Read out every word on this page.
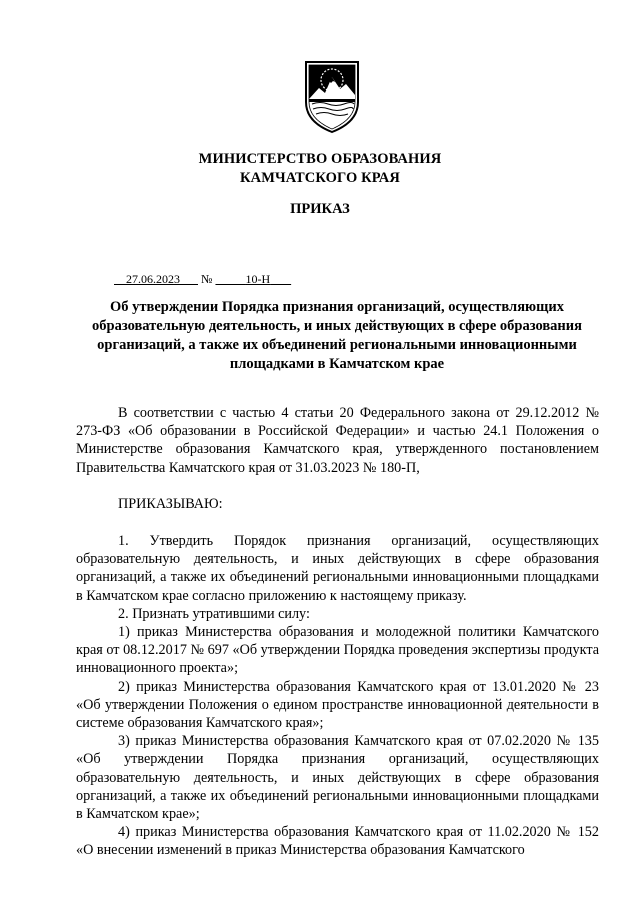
МИНИСТЕРСТВО ОБРАЗОВАНИЯ
КАМЧАТСКОГО КРАЯ
ПРИКАЗ
27.06.2023 №	10-Н
Об утверждении Порядка признания организаций, осуществляющих образовательную деятельность, и иных действующих в сфере образования организаций, а также их объединений региональными инновационными площадками в Камчатском крае

В соответствии с частью 4 статьи 20 Федерального закона от 29.12.2012 № 273-ФЗ «Об образовании в Российской Федерации» и частью 24.1 Положения о Министерстве образования Камчатского края, утвержденного постановлением Правительства Камчатского края от 31.03.2023 № 180-П,

ПРИКАЗЫВАЮ:

1. Утвердить Порядок признания организаций, осуществляющих образовательную деятельность, и иных действующих в сфере образования организаций, а также их объединений региональными инновационными площадками в Камчатском крае согласно приложению к настоящему приказу.

2. Признать утратившими силу:

1) приказ Министерства образования и молодежной политики Камчатского края от 08.12.2017 № 697 «Об утверждении Порядка проведения экспертизы продукта инновационного проекта»;

2) приказ Министерства образования Камчатского края от 13.01.2020 № 23 «Об утверждении Положения о едином пространстве инновационной деятельности в системе образования Камчатского края»;

3) приказ Министерства образования Камчатского края от 07.02.2020 № 135 «Об утверждении Порядка признания организаций, осуществляющих образовательную деятельность, и иных действующих в сфере образования организаций, а также их объединений региональными инновационными площадками в Камчатском крае»;

4) приказ Министерства образования Камчатского края от 11.02.2020 № 152 «О внесении изменений в приказ Министерства образования Камчатского
